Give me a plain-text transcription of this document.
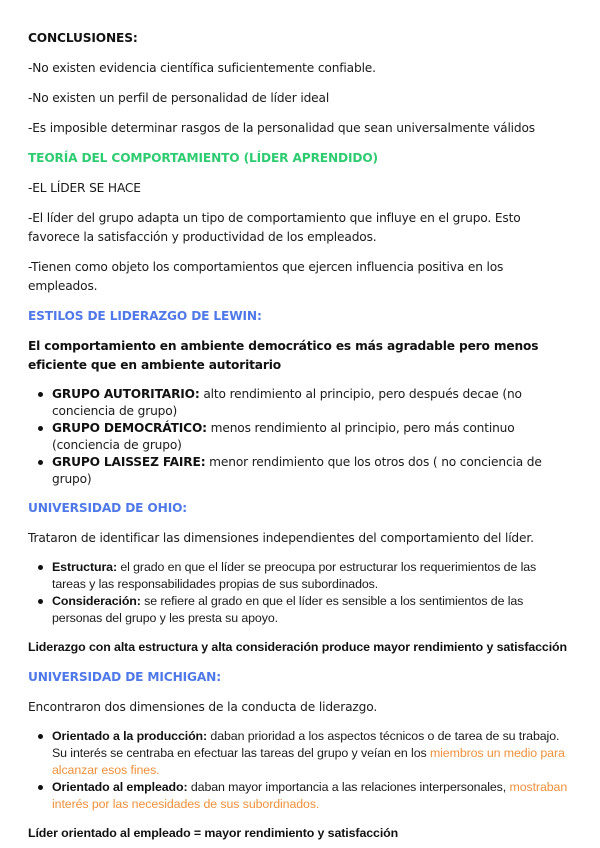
CONCLUSIONES:

-No existen evidencia científica suficientemente confiable.

-No existen un perfil de personalidad de líder ideal

-Es imposible determinar rasgos de la personalidad que sean universalmente válidos

TEORÍA DEL COMPORTAMIENTO (LÍDER APRENDIDO)

-EL LÍDER SE HACE

-El líder del grupo adapta un tipo de comportamiento que influye en el grupo. Esto favorece la satisfacción y productividad de los empleados.

-Tienen como objeto los comportamientos que ejercen influencia positiva en los empleados.

ESTILOS DE LIDERAZGO DE LEWIN:

El comportamiento en ambiente democrático es más agradable pero menos eficiente que en ambiente autoritario

GRUPO AUTORITARIO: alto rendimiento al principio, pero después decae (no conciencia de grupo)
GRUPO DEMOCRÁTICO: menos rendimiento al principio, pero más continuo (conciencia de grupo)
GRUPO LAISSEZ FAIRE: menor rendimiento que los otros dos ( no conciencia de grupo)

UNIVERSIDAD DE OHIO:

Trataron de identificar las dimensiones independientes del comportamiento del líder.

Estructura: el grado en que el líder se preocupa por estructurar los requerimientos de las tareas y las responsabilidades propias de sus subordinados.
Consideración: se refiere al grado en que el líder es sensible a los sentimientos de las personas del grupo y les presta su apoyo.

Liderazgo con alta estructura y alta consideración produce mayor rendimiento y satisfacción

UNIVERSIDAD DE MICHIGAN:

Encontraron dos dimensiones de la conducta de liderazgo.

Orientado a la producción: daban prioridad a los aspectos técnicos o de tarea de su trabajo. Su interés se centraba en efectuar las tareas del grupo y veían en los miembros un medio para alcanzar esos fines.
Orientado al empleado: daban mayor importancia a las relaciones interpersonales, mostraban interés por las necesidades de sus subordinados.

Líder orientado al empleado = mayor rendimiento y satisfacción
